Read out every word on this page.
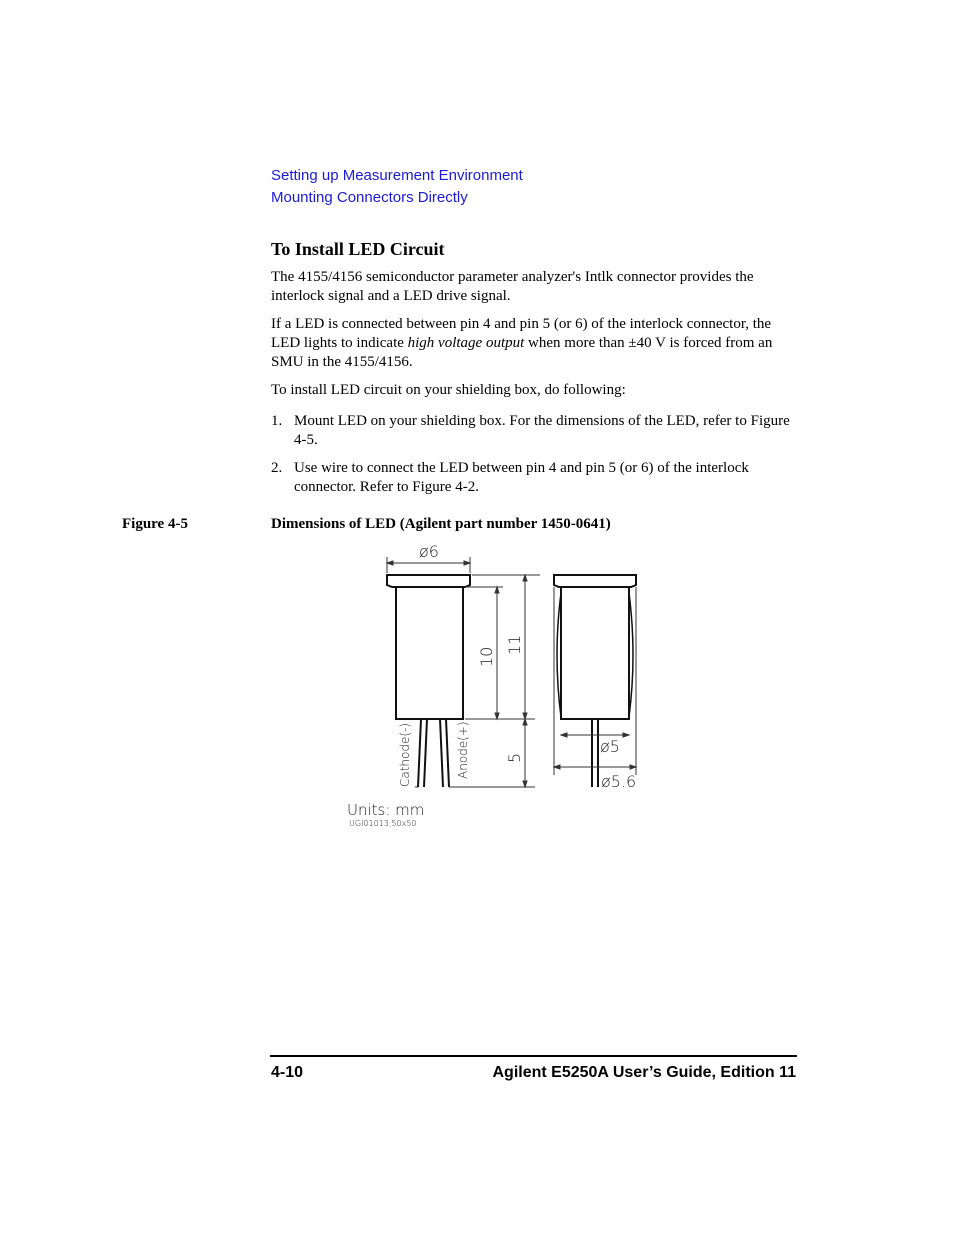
Setting up Measurement Environment
Mounting Connectors Directly
To Install LED Circuit

The 4155/4156 semiconductor parameter analyzer's Intlk connector provides the interlock signal and a LED drive signal.

If a LED is connected between pin 4 and pin 5 (or 6) of the interlock connector, the LED lights to indicate high voltage output when more than ±40 V is forced from an SMU in the 4155/4156.

To install LED circuit on your shielding box, do following:

1. Mount LED on your shielding box. For the dimensions of the LED, refer to Figure 4-5.
2. Use wire to connect the LED between pin 4 and pin 5 (or 6) of the interlock connector. Refer to Figure 4-2.
Figure 4-5	Dimensions of LED (Agilent part number 1450-0641)
ø6
10
11
5
ø5
ø5.6
Cathode(-)	Anode(+)
Units: mm
UGI01013,50x50
4-10	Agilent E5250A User’s Guide, Edition 11
